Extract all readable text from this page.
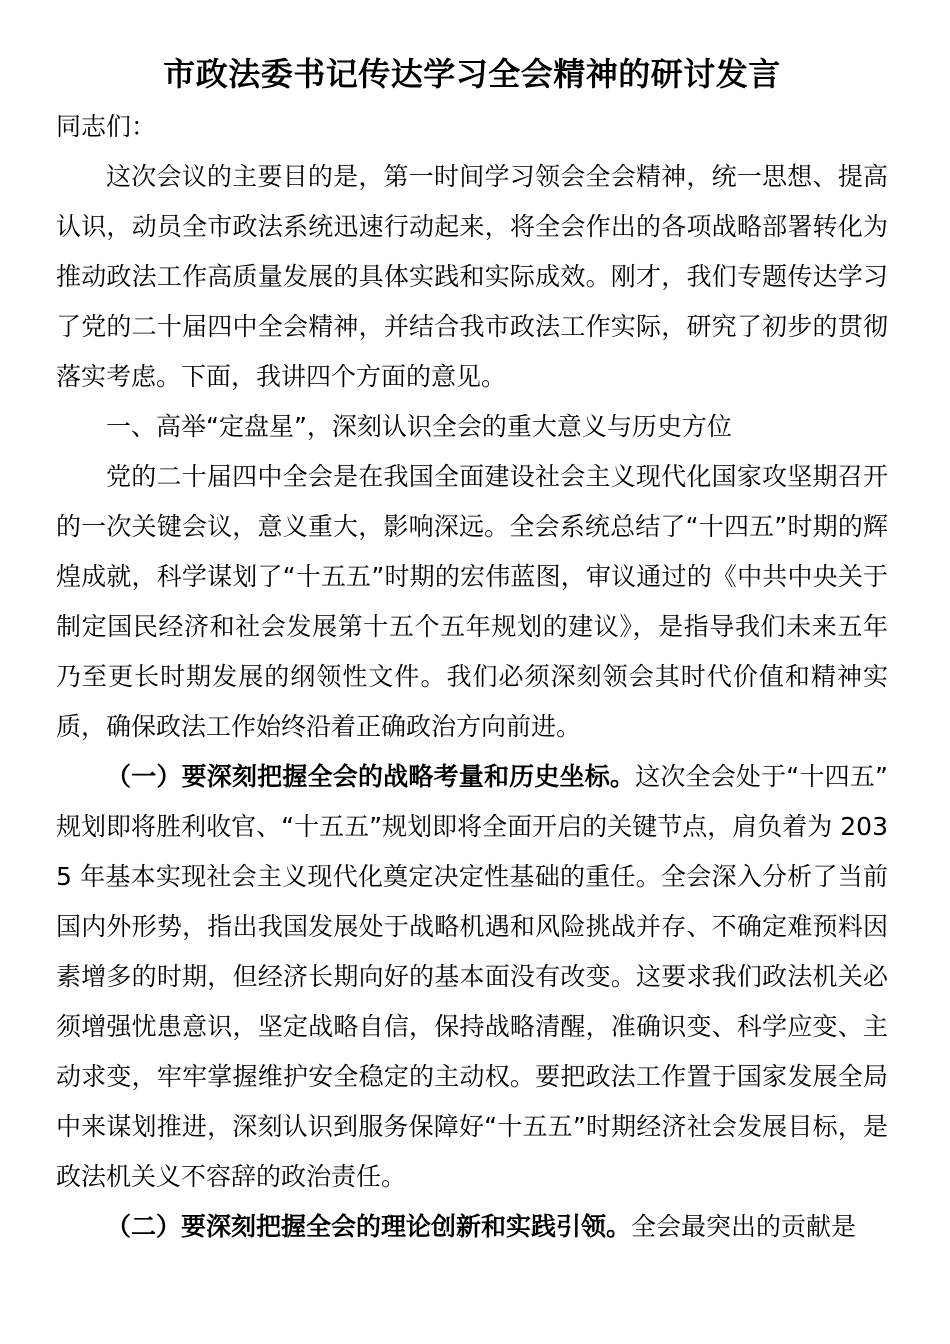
市政法委书记传达学习全会精神的研讨发言

同志们：

这次会议的主要目的是，第一时间学习领会全会精神，统一思想、提高认识，动员全市政法系统迅速行动起来，将全会作出的各项战略部署转化为推动政法工作高质量发展的具体实践和实际成效。刚才，我们专题传达学习了党的二十届四中全会精神，并结合我市政法工作实际，研究了初步的贯彻落实考虑。下面，我讲四个方面的意见。

一、高举“定盘星”，深刻认识全会的重大意义与历史方位

党的二十届四中全会是在我国全面建设社会主义现代化国家攻坚期召开的一次关键会议，意义重大，影响深远。全会系统总结了“十四五”时期的辉煌成就，科学谋划了“十五五”时期的宏伟蓝图，审议通过的《中共中央关于制定国民经济和社会发展第十五个五年规划的建议》，是指导我们未来五年乃至更长时期发展的纲领性文件。我们必须深刻领会其时代价值和精神实质，确保政法工作始终沿着正确政治方向前进。

（一）要深刻把握全会的战略考量和历史坐标。这次全会处于“十四五”规划即将胜利收官、“十五五”规划即将全面开启的关键节点，肩负着为 2035 年基本实现社会主义现代化奠定决定性基础的重任。全会深入分析了当前国内外形势，指出我国发展处于战略机遇和风险挑战并存、不确定难预料因素增多的时期，但经济长期向好的基本面没有改变。这要求我们政法机关必须增强忧患意识，坚定战略自信，保持战略清醒，准确识变、科学应变、主动求变，牢牢掌握维护安全稳定的主动权。要把政法工作置于国家发展全局中来谋划推进，深刻认识到服务保障好“十五五”时期经济社会发展目标，是政法机关义不容辞的政治责任。

（二）要深刻把握全会的理论创新和实践引领。全会最突出的贡献是
